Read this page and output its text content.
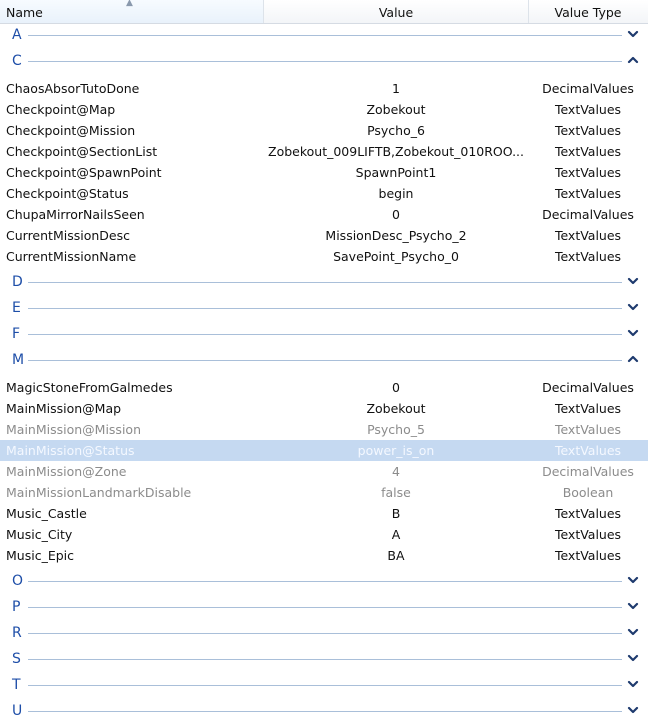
▲
Name	Value	Value Type
A
C
ChaosAbsorTutoDone	1	DecimalValues
Checkpoint@Map	Zobekout	TextValues
Checkpoint@Mission	Psycho_6	TextValues
Checkpoint@SectionList	Zobekout_009LIFTB,Zobekout_010ROO...	TextValues
Checkpoint@SpawnPoint	SpawnPoint1	TextValues
Checkpoint@Status	begin	TextValues
ChupaMirrorNailsSeen	0	DecimalValues
CurrentMissionDesc	MissionDesc_Psycho_2	TextValues
CurrentMissionName	SavePoint_Psycho_0	TextValues
D
E
F
M
MagicStoneFromGalmedes	0	DecimalValues
MainMission@Map	Zobekout	TextValues
MainMission@Mission	Psycho_5	TextValues
MainMission@Status	power_is_on	TextValues
MainMission@Zone	4	DecimalValues
MainMissionLandmarkDisable	false	Boolean
Music_Castle	B	TextValues
Music_City	A	TextValues
Music_Epic	BA	TextValues
O
P
R
S
T
U
